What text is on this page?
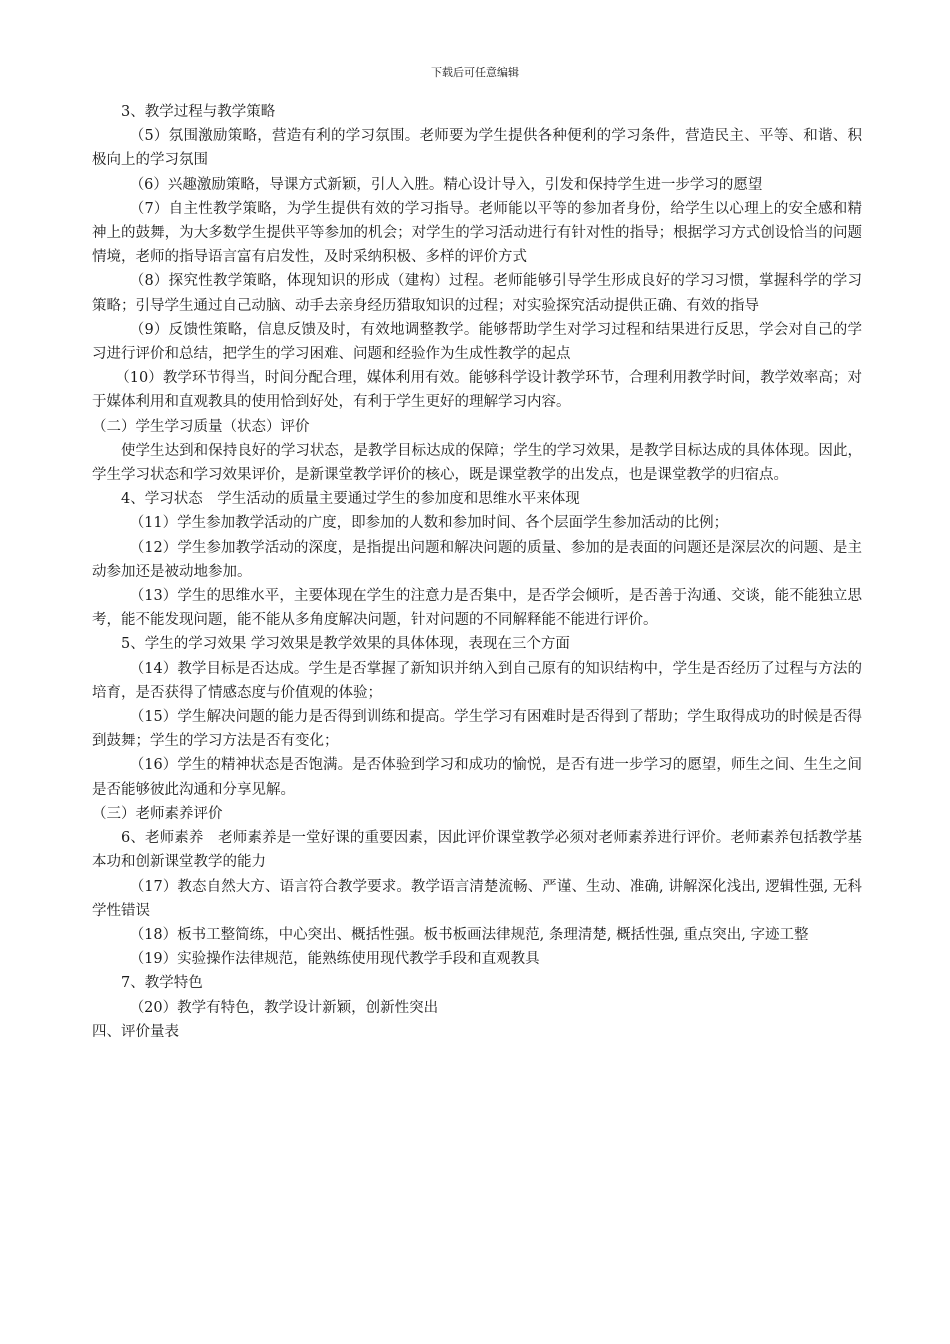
下载后可任意编辑

3、教学过程与教学策略

（5）氛围激励策略，营造有利的学习氛围。老师要为学生提供各种便利的学习条件，营造民主、平等、和谐、积极向上的学习氛围

（6）兴趣激励策略，导课方式新颖，引人入胜。精心设计导入，引发和保持学生进一步学习的愿望

（7）自主性教学策略，为学生提供有效的学习指导。老师能以平等的参加者身份，给学生以心理上的安全感和精神上的鼓舞，为大多数学生提供平等参加的机会；对学生的学习活动进行有针对性的指导；根据学习方式创设恰当的问题情境，老师的指导语言富有启发性，及时采纳积极、多样的评价方式

（8）探究性教学策略，体现知识的形成（建构）过程。老师能够引导学生形成良好的学习习惯，掌握科学的学习策略；引导学生通过自己动脑、动手去亲身经历猎取知识的过程；对实验探究活动提供正确、有效的指导

（9）反馈性策略，信息反馈及时，有效地调整教学。能够帮助学生对学习过程和结果进行反思，学会对自己的学习进行评价和总结，把学生的学习困难、问题和经验作为生成性教学的起点

（10）教学环节得当，时间分配合理，媒体利用有效。能够科学设计教学环节，合理利用教学时间，教学效率高；对于媒体利用和直观教具的使用恰到好处，有利于学生更好的理解学习内容。

（二）学生学习质量（状态）评价

使学生达到和保持良好的学习状态，是教学目标达成的保障；学生的学习效果，是教学目标达成的具体体现。因此，学生学习状态和学习效果评价，是新课堂教学评价的核心，既是课堂教学的出发点，也是课堂教学的归宿点。

4、学习状态　学生活动的质量主要通过学生的参加度和思维水平来体现

（11）学生参加教学活动的广度，即参加的人数和参加时间、各个层面学生参加活动的比例；

（12）学生参加教学活动的深度，是指提出问题和解决问题的质量、参加的是表面的问题还是深层次的问题、是主动参加还是被动地参加。

（13）学生的思维水平，主要体现在学生的注意力是否集中，是否学会倾听，是否善于沟通、交谈，能不能独立思考，能不能发现问题，能不能从多角度解决问题，针对问题的不同解释能不能进行评价。

5、学生的学习效果 学习效果是教学效果的具体体现，表现在三个方面

（14）教学目标是否达成。学生是否掌握了新知识并纳入到自己原有的知识结构中，学生是否经历了过程与方法的培育，是否获得了情感态度与价值观的体验；

（15）学生解决问题的能力是否得到训练和提高。学生学习有困难时是否得到了帮助；学生取得成功的时候是否得到鼓舞；学生的学习方法是否有变化；

（16）学生的精神状态是否饱满。是否体验到学习和成功的愉悦，是否有进一步学习的愿望，师生之间、生生之间是否能够彼此沟通和分享见解。

（三）老师素养评价

6、老师素养　老师素养是一堂好课的重要因素，因此评价课堂教学必须对老师素养进行评价。老师素养包括教学基本功和创新课堂教学的能力

（17）教态自然大方、语言符合教学要求。教学语言清楚流畅、严谨、生动、准确, 讲解深化浅出, 逻辑性强, 无科学性错误

（18）板书工整简练，中心突出、概括性强。板书板画法律规范, 条理清楚, 概括性强, 重点突出, 字迹工整

（19）实验操作法律规范，能熟练使用现代教学手段和直观教具

7、教学特色

（20）教学有特色，教学设计新颖，创新性突出

四、评价量表
